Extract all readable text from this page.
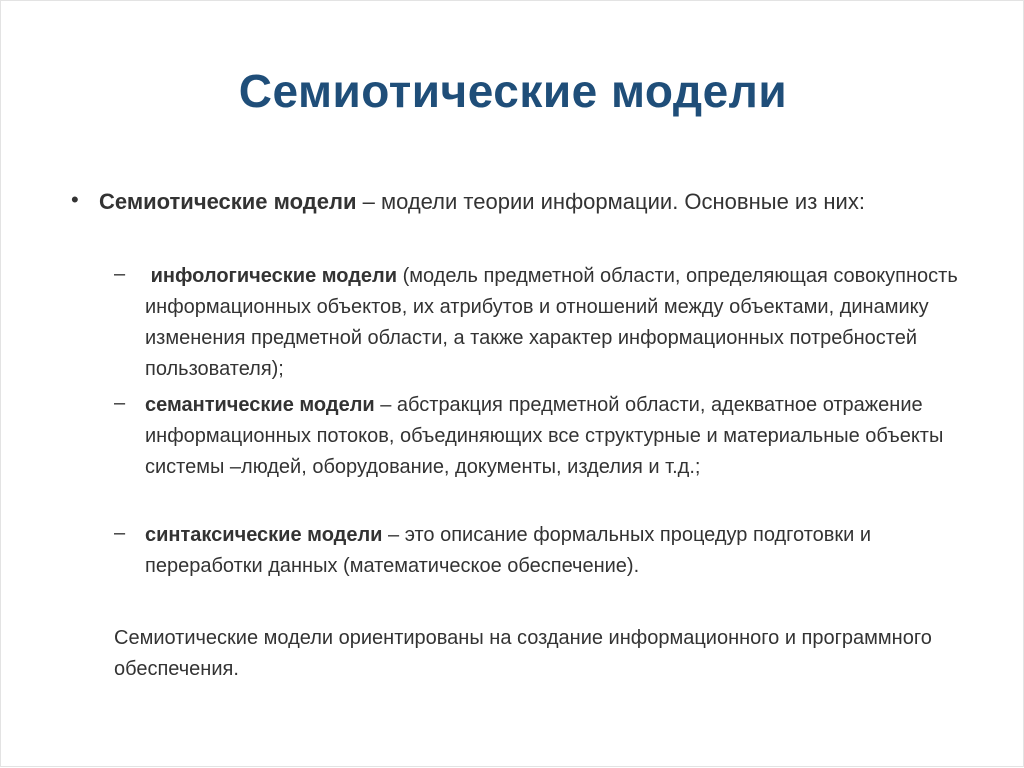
Семиотические модели
• Семиотические модели – модели теории информации. Основные из них:
– инфологические модели (модель предметной области, определяющая совокупность информационных объектов, их атрибутов и отношений между объектами, динамику изменения предметной области, а также характер информационных потребностей пользователя);
– семантические модели – абстракция предметной области, адекватное отражение информационных потоков, объединяющих все структурные и материальные объекты системы –людей, оборудование, документы, изделия и т.д.;
– синтаксические модели – это описание формальных процедур подготовки и переработки данных (математическое обеспечение).
Семиотические модели ориентированы на создание информационного и программного обеспечения.
